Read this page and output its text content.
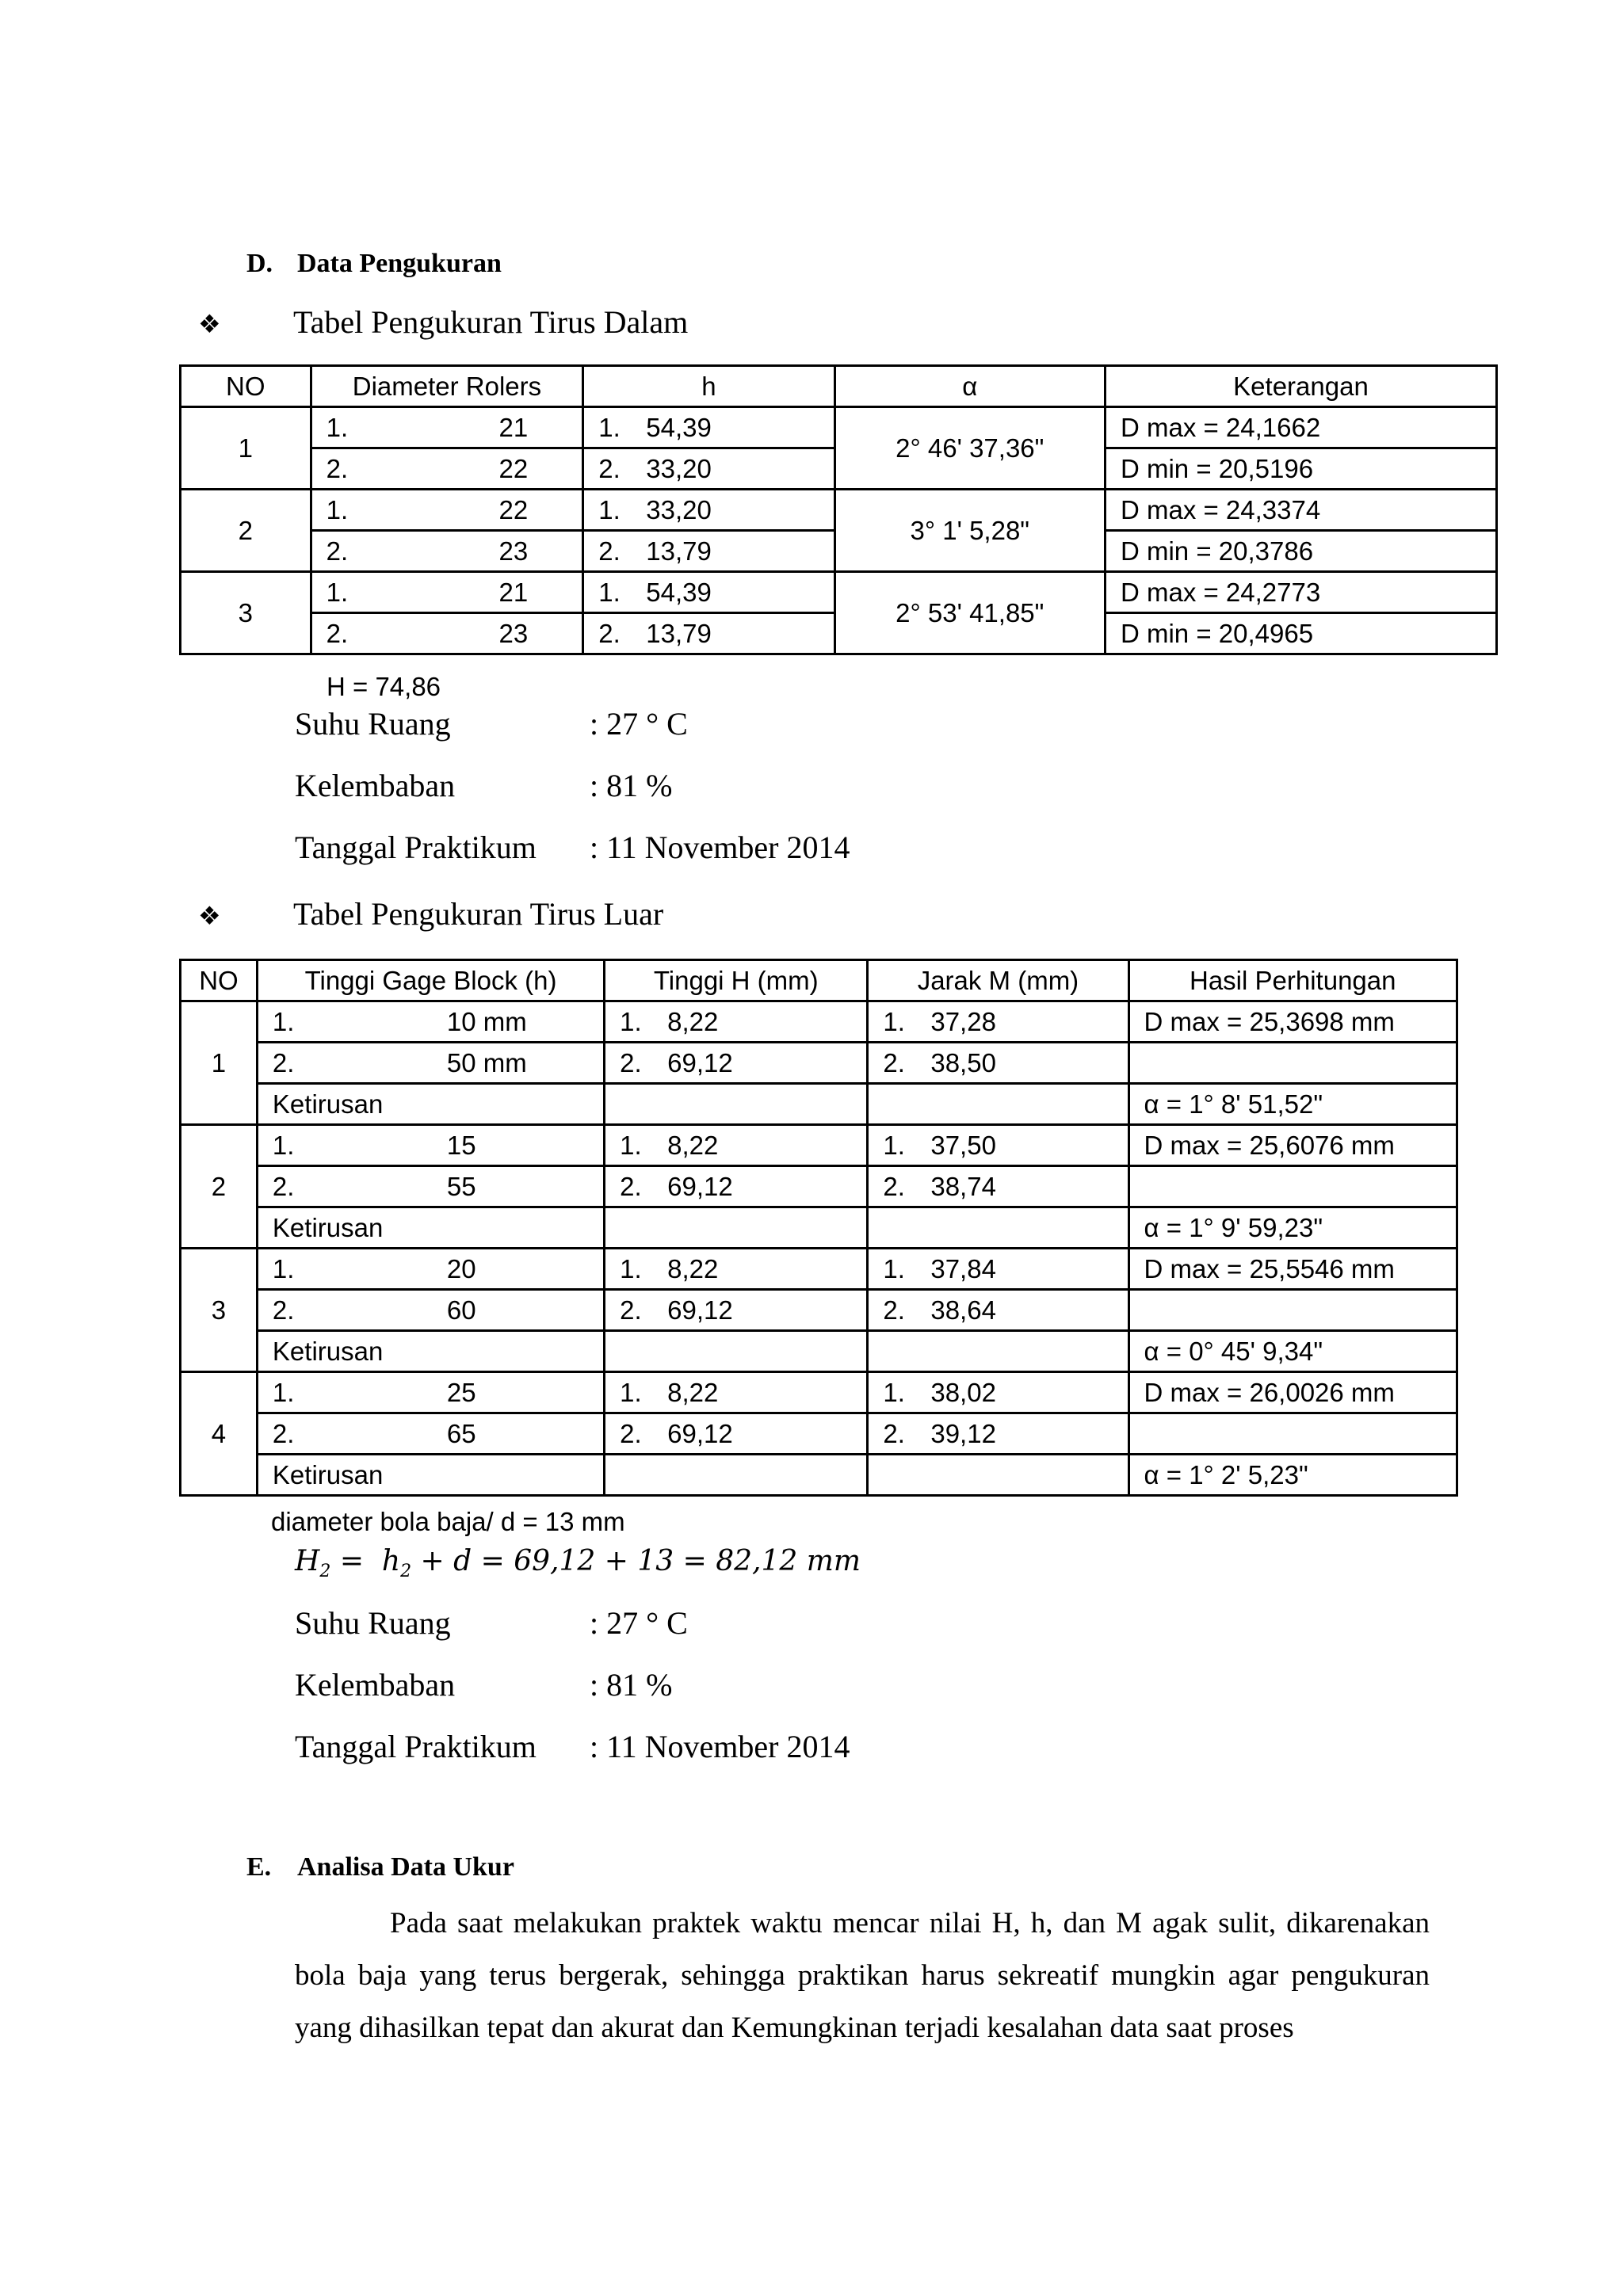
D. Data Pengukuran
❖ Tabel Pengukuran Tirus Dalam
NO	Diameter Rolers	h	α	Keterangan
1	1. 21	1. 54,39	2° 46' 37,36"	D max = 24,1662
	2. 22	2. 33,20		D min = 20,5196
2	1. 22	1. 33,20	3° 1' 5,28"	D max = 24,3374
	2. 23	2. 13,79		D min = 20,3786
3	1. 21	1. 54,39	2° 53' 41,85"	D max = 24,2773
	2. 23	2. 13,79		D min = 20,4965
H = 74,86
Suhu Ruang	: 27 ° C
Kelembaban	: 81 %
Tanggal Praktikum : 11 November 2014
❖ Tabel Pengukuran Tirus Luar
NO	Tinggi Gage Block (h)	Tinggi H (mm)	Jarak M (mm)	Hasil Perhitungan
1	1. 10 mm	1. 8,22	1. 37,28	D max = 25,3698 mm
	2. 50 mm	2. 69,12	2. 38,50	
	Ketirusan			α = 1° 8' 51,52"
2	1. 15	1. 8,22	1. 37,50	D max = 25,6076 mm
	2. 55	2. 69,12	2. 38,74	
	Ketirusan			α = 1° 9' 59,23"
3	1. 20	1. 8,22	1. 37,84	D max = 25,5546 mm
	2. 60	2. 69,12	2. 38,64	
	Ketirusan			α = 0° 45' 9,34"
4	1. 25	1. 8,22	1. 38,02	D max = 26,0026 mm
	2. 65	2. 69,12	2. 39,12	
	Ketirusan			α = 1° 2' 5,23"
diameter bola baja/ d = 13 mm
$H_2 = h_2 + d = 69,12 + 13 = 82,12$ mm
Suhu Ruang	: 27 ° C
Kelembaban	: 81 %
Tanggal Praktikum : 11 November 2014
E. Analisa Data Ukur
Pada saat melakukan praktek waktu mencar nilai H, h, dan M agak sulit, dikarenakan bola baja yang terus bergerak, sehingga praktikan harus sekreatif mungkin agar pengukuran yang dihasilkan tepat dan akurat dan Kemungkinan terjadi kesalahan data saat proses
